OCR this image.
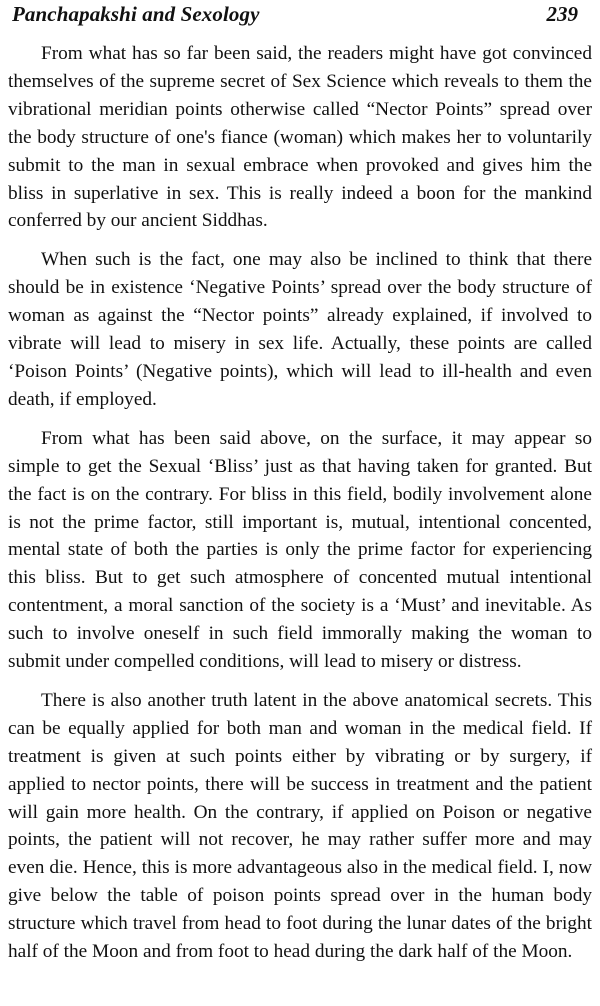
Panchapakshi and Sexology	239

From what has so far been said, the readers might have got convinced themselves of the supreme secret of Sex Science which reveals to them the vibrational meridian points otherwise called “Nector Points” spread over the body structure of one's fiance (woman) which makes her to voluntarily submit to the man in sexual embrace when provoked and gives him the bliss in superlative in sex. This is really indeed a boon for the mankind conferred by our ancient Siddhas.

When such is the fact, one may also be inclined to think that there should be in existence ‘Negative Points’ spread over the body structure of woman as against the “Nector points” already explained, if involved to vibrate will lead to misery in sex life. Actually, these points are called ‘Poison Points’ (Negative points), which will lead to ill-health and even death, if employed.

From what has been said above, on the surface, it may appear so simple to get the Sexual ‘Bliss’ just as that having taken for granted. But the fact is on the contrary. For bliss in this field, bodily involvement alone is not the prime factor, still important is, mutual, intentional concented, mental state of both the parties is only the prime factor for experiencing this bliss. But to get such atmosphere of concented mutual intentional contentment, a moral sanction of the society is a ‘Must’ and inevitable. As such to involve oneself in such field immorally making the woman to submit under compelled conditions, will lead to misery or distress.

There is also another truth latent in the above anatomical secrets. This can be equally applied for both man and woman in the medical field. If treatment is given at such points either by vibrating or by surgery, if applied to nector points, there will be success in treatment and the patient will gain more health. On the contrary, if applied on Poison or negative points, the patient will not recover, he may rather suffer more and may even die. Hence, this is more advantageous also in the medical field. I, now give below the table of poison points spread over in the human body structure which travel from head to foot during the lunar dates of the bright half of the Moon and from foot to head during the dark half of the Moon.
